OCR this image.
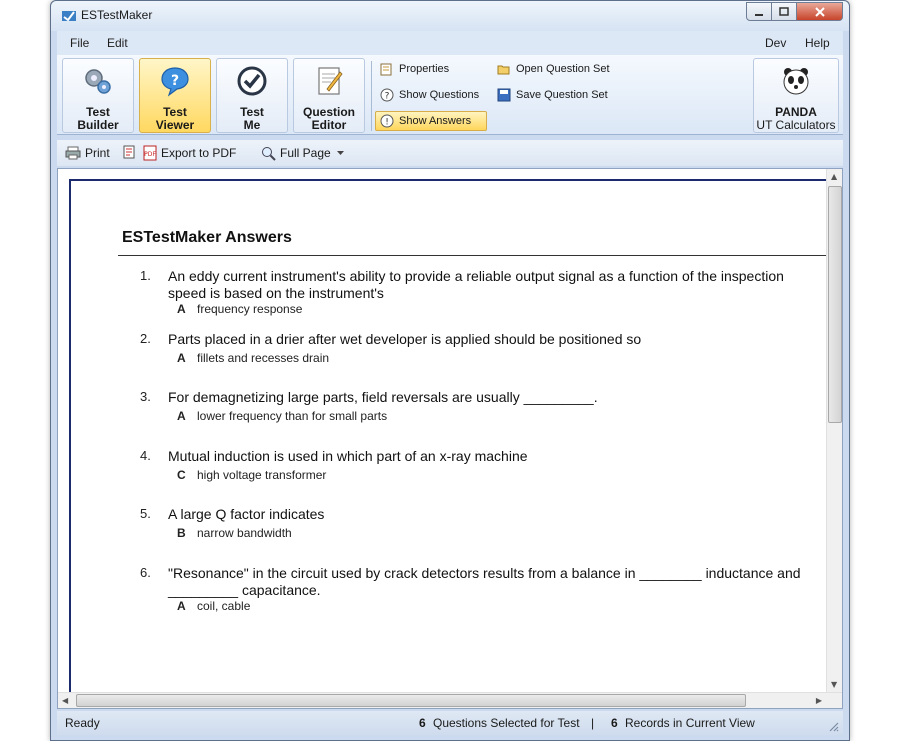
ESTestMaker
File Edit	Dev Help
Test
Builder
?
Test
Viewer
Test
Me
Question
Editor
Properties
? Show Questions
! Show Answers
Open Question Set
Save Question Set
PANDA
UT Calculators
Print	PDF Export to PDF	Full Page
ESTestMaker Answers
1. An eddy current instrument's ability to provide a reliable output signal as a function of the inspection
speed is based on the instrument's
A frequency response
2. Parts placed in a drier after wet developer is applied should be positioned so
A fillets and recesses drain
3. For demagnetizing large parts, field reversals are usually _________.
A lower frequency than for small parts
4. Mutual induction is used in which part of an x-ray machine
C high voltage transformer
5. A large Q factor indicates
B narrow bandwidth
6. "Resonance" in the circuit used by crack detectors results from a balance in ________ inductance and
_________ capacitance.
A coil, cable
▲
▼
◀	▶
Ready	6 Questions Selected for Test | 6 Records in Current View
